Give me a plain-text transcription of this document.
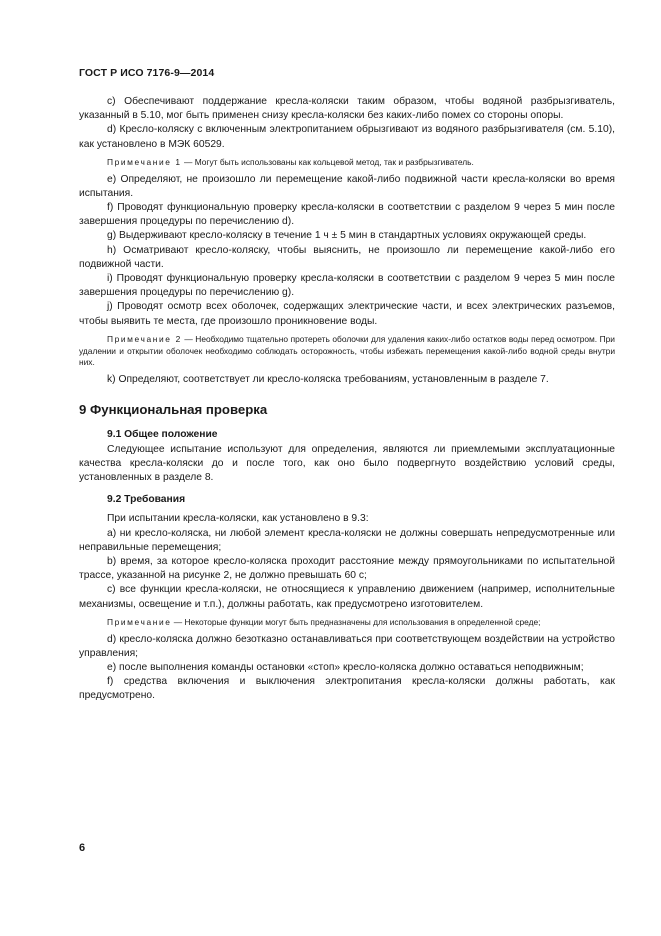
ГОСТ Р ИСО 7176-9—2014

c) Обеспечивают поддержание кресла-коляски таким образом, чтобы водяной разбрызгиватель, указанный в 5.10, мог быть применен снизу кресла-коляски без каких-либо помех со стороны опоры.

d) Кресло-коляску с включенным электропитанием обрызгивают из водяного разбрызгивателя (см. 5.10), как установлено в МЭК 60529.

Примечание 1 — Могут быть использованы как кольцевой метод, так и разбрызгиватель.

e) Определяют, не произошло ли перемещение какой-либо подвижной части кресла-коляски во время испытания.

f) Проводят функциональную проверку кресла-коляски в соответствии с разделом 9 через 5 мин после завершения процедуры по перечислению d).

g) Выдерживают кресло-коляску в течение 1 ч ± 5 мин в стандартных условиях окружающей среды.

h) Осматривают кресло-коляску, чтобы выяснить, не произошло ли перемещение какой-либо его подвижной части.

i) Проводят функциональную проверку кресла-коляски в соответствии с разделом 9 через 5 мин после завершения процедуры по перечислению g).

j) Проводят осмотр всех оболочек, содержащих электрические части, и всех электрических разъемов, чтобы выявить те места, где произошло проникновение воды.

Примечание 2 — Необходимо тщательно протереть оболочки для удаления каких-либо остатков воды перед осмотром. При удалении и открытии оболочек необходимо соблюдать осторожность, чтобы избежать перемещения какой-либо водной среды внутри них.

k) Определяют, соответствует ли кресло-коляска требованиям, установленным в разделе 7.

9 Функциональная проверка
9.1 Общее положение

Следующее испытание используют для определения, являются ли приемлемыми эксплуатационные качества кресла-коляски до и после того, как оно было подвергнуто воздействию условий среды, установленных в разделе 8.

9.2 Требования

При испытании кресла-коляски, как установлено в 9.3:

a) ни кресло-коляска, ни любой элемент кресла-коляски не должны совершать непредусмотренные или неправильные перемещения;

b) время, за которое кресло-коляска проходит расстояние между прямоугольниками по испытательной трассе, указанной на рисунке 2, не должно превышать 60 с;

c) все функции кресла-коляски, не относящиеся к управлению движением (например, исполнительные механизмы, освещение и т.п.), должны работать, как предусмотрено изготовителем.

Примечание — Некоторые функции могут быть предназначены для использования в определенной среде;

d) кресло-коляска должно безотказно останавливаться при соответствующем воздействии на устройство управления;

e) после выполнения команды остановки «стоп» кресло-коляска должно оставаться неподвижным;

f) средства включения и выключения электропитания кресла-коляски должны работать, как предусмотрено.

6
